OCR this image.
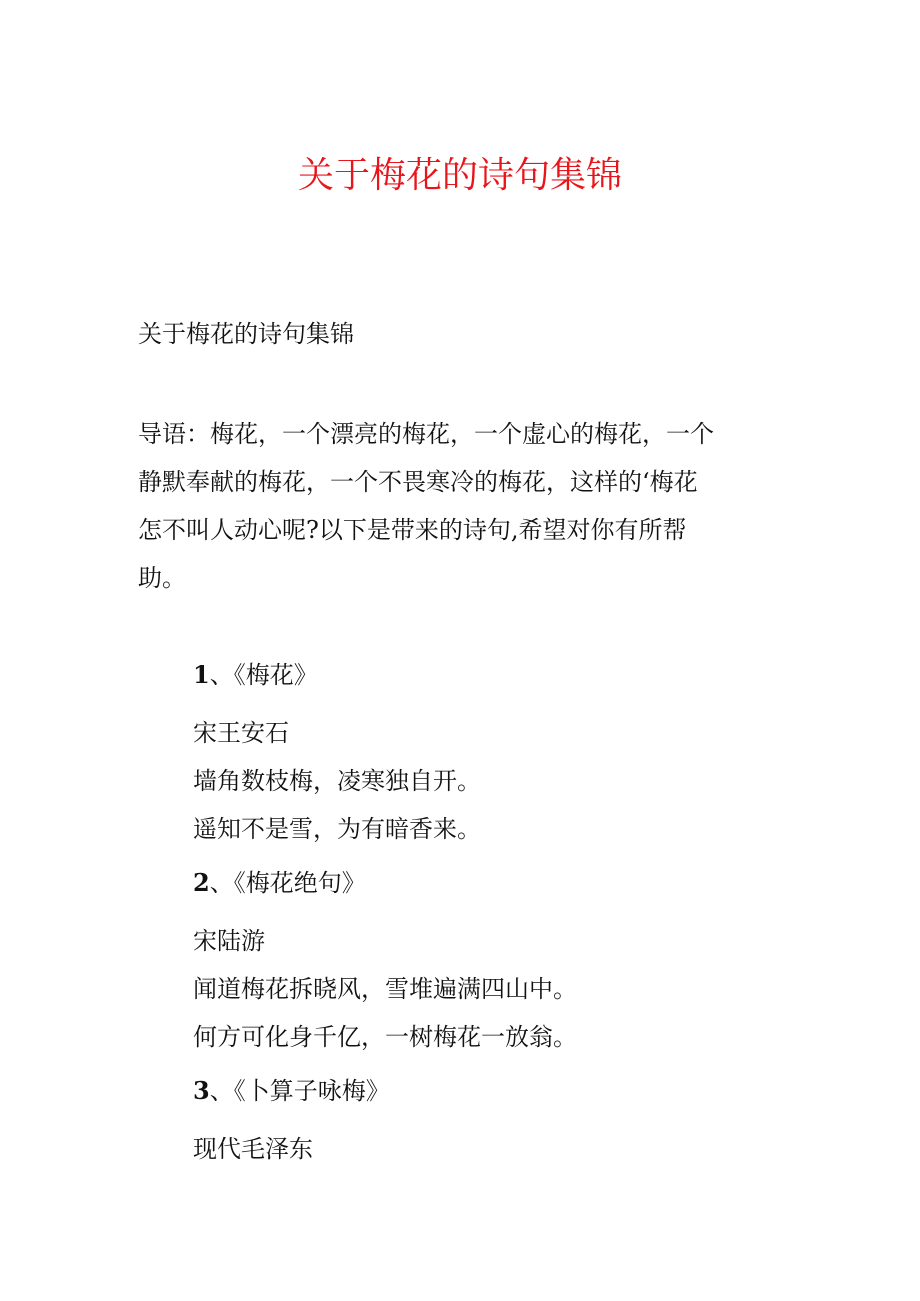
关于梅花的诗句集锦

关于梅花的诗句集锦

导语：梅花，一个漂亮的梅花，一个虚心的梅花，一个
静默奉献的梅花，一个不畏寒冷的梅花，这样的‘梅花
怎不叫人动心呢?以下是带来的诗句,希望对你有所帮
助。

1、《梅花》

宋王安石

墙角数枝梅，凌寒独自开。

遥知不是雪，为有暗香来。

2、《梅花绝句》

宋陆游

闻道梅花拆晓风，雪堆遍满四山中。

何方可化身千亿，一树梅花一放翁。

3、《卜算子咏梅》

现代毛泽东
